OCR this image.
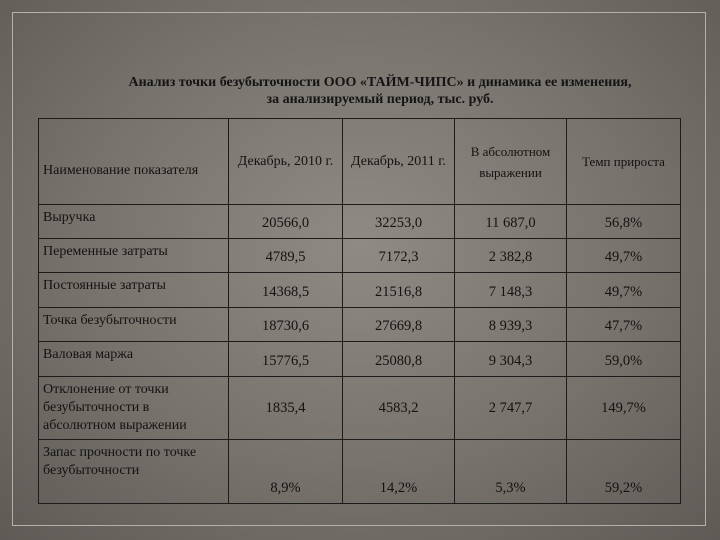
Анализ точки безубыточности ООО «ТАЙМ-ЧИПС» и динамика ее изменения,
за анализируемый период, тыс. руб.
Наименование показателя	Декабрь, 2010 г.	Декабрь, 2011 г.	В абсолютном выражении	Темп прироста
Выручка	20566,0	32253,0	11 687,0	56,8%
Переменные затраты	4789,5	7172,3	2 382,8	49,7%
Постоянные затраты	14368,5	21516,8	7 148,3	49,7%
Точка безубыточности	18730,6	27669,8	8 939,3	47,7%
Валовая маржа	15776,5	25080,8	9 304,3	59,0%
Отклонение от точки безубыточности в абсолютном выражении	1835,4	4583,2	2 747,7	149,7%
Запас прочности по точке безубыточности	8,9%	14,2%	5,3%	59,2%
